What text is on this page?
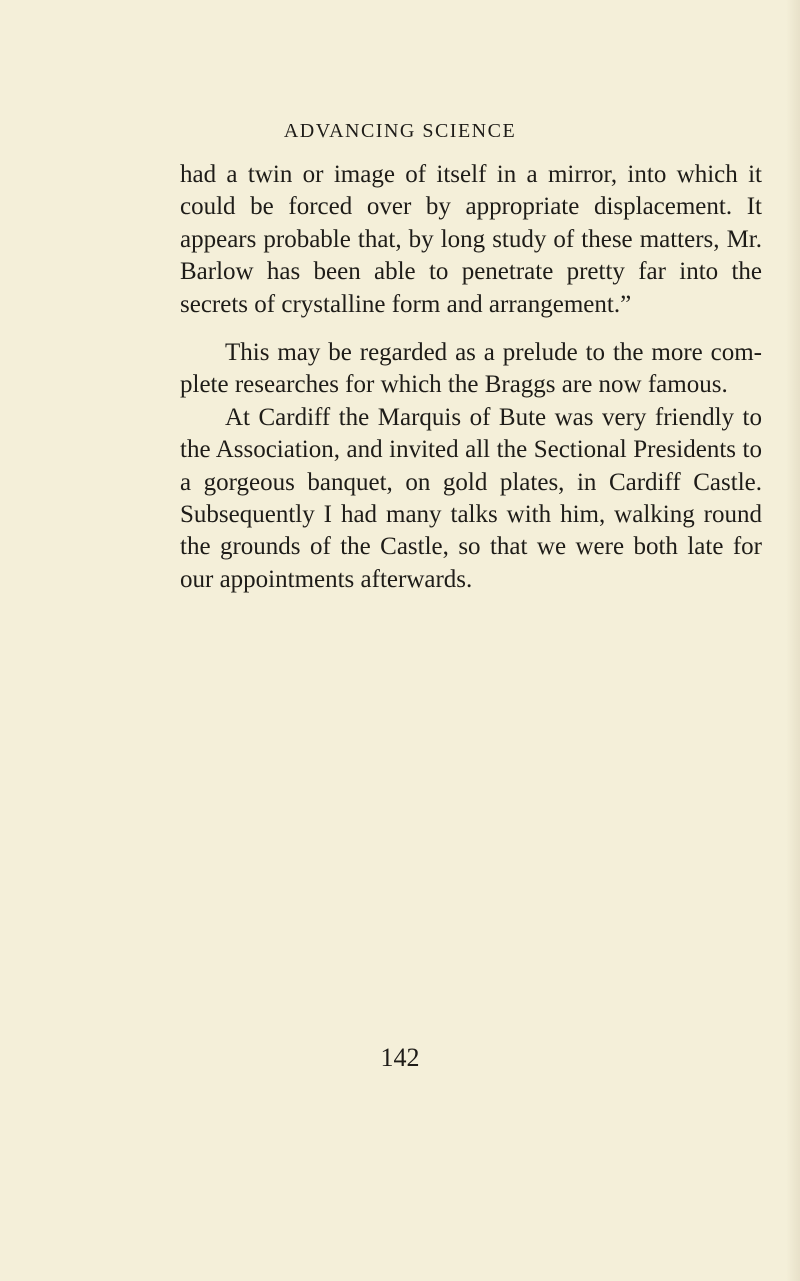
ADVANCING SCIENCE

had a twin or image of itself in a mirror, into which it could be forced over by appropriate displacement. It appears probable that, by long study of these matters, Mr. Barlow has been able to penetrate pretty far into the secrets of crystalline form and arrangement.”

This may be regarded as a prelude to the more complete researches for which the Braggs are now famous.

At Cardiff the Marquis of Bute was very friendly to the Association, and invited all the Sectional Presidents to a gorgeous banquet, on gold plates, in Cardiff Castle. Subsequently I had many talks with him, walking round the grounds of the Castle, so that we were both late for our appointments afterwards.

142
